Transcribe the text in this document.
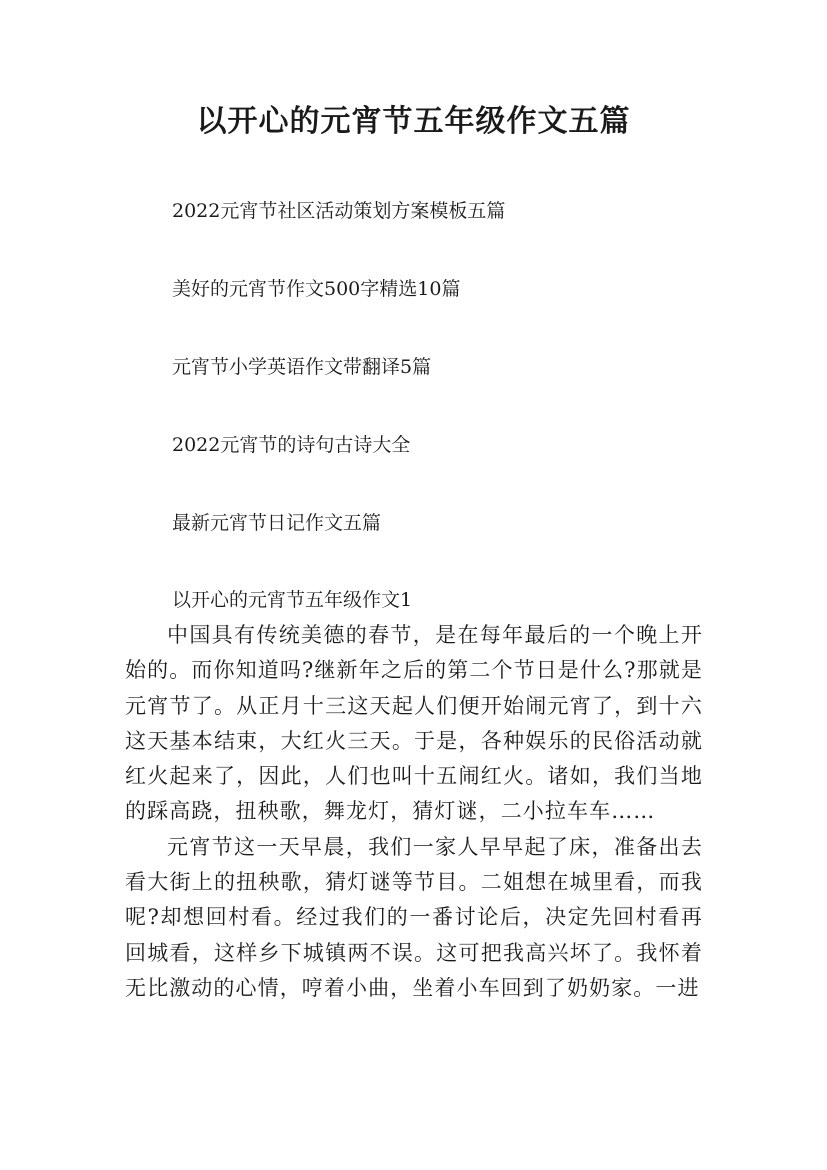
以开心的元宵节五年级作文五篇
2022元宵节社区活动策划方案模板五篇
美好的元宵节作文500字精选10篇
元宵节小学英语作文带翻译5篇
2022元宵节的诗句古诗大全
最新元宵节日记作文五篇

以开心的元宵节五年级作文1

中国具有传统美德的春节，是在每年最后的一个晚上开始的。而你知道吗?继新年之后的第二个节日是什么?那就是元宵节了。从正月十三这天起人们便开始闹元宵了，到十六这天基本结束，大红火三天。于是，各种娱乐的民俗活动就红火起来了，因此，人们也叫十五闹红火。诸如，我们当地的踩高跷，扭秧歌，舞龙灯，猜灯谜，二小拉车车……

元宵节这一天早晨，我们一家人早早起了床，准备出去看大街上的扭秧歌，猜灯谜等节目。二姐想在城里看，而我呢?却想回村看。经过我们的一番讨论后，决定先回村看再回城看，这样乡下城镇两不误。这可把我高兴坏了。我怀着无比激动的心情，哼着小曲，坐着小车回到了奶奶家。一进
